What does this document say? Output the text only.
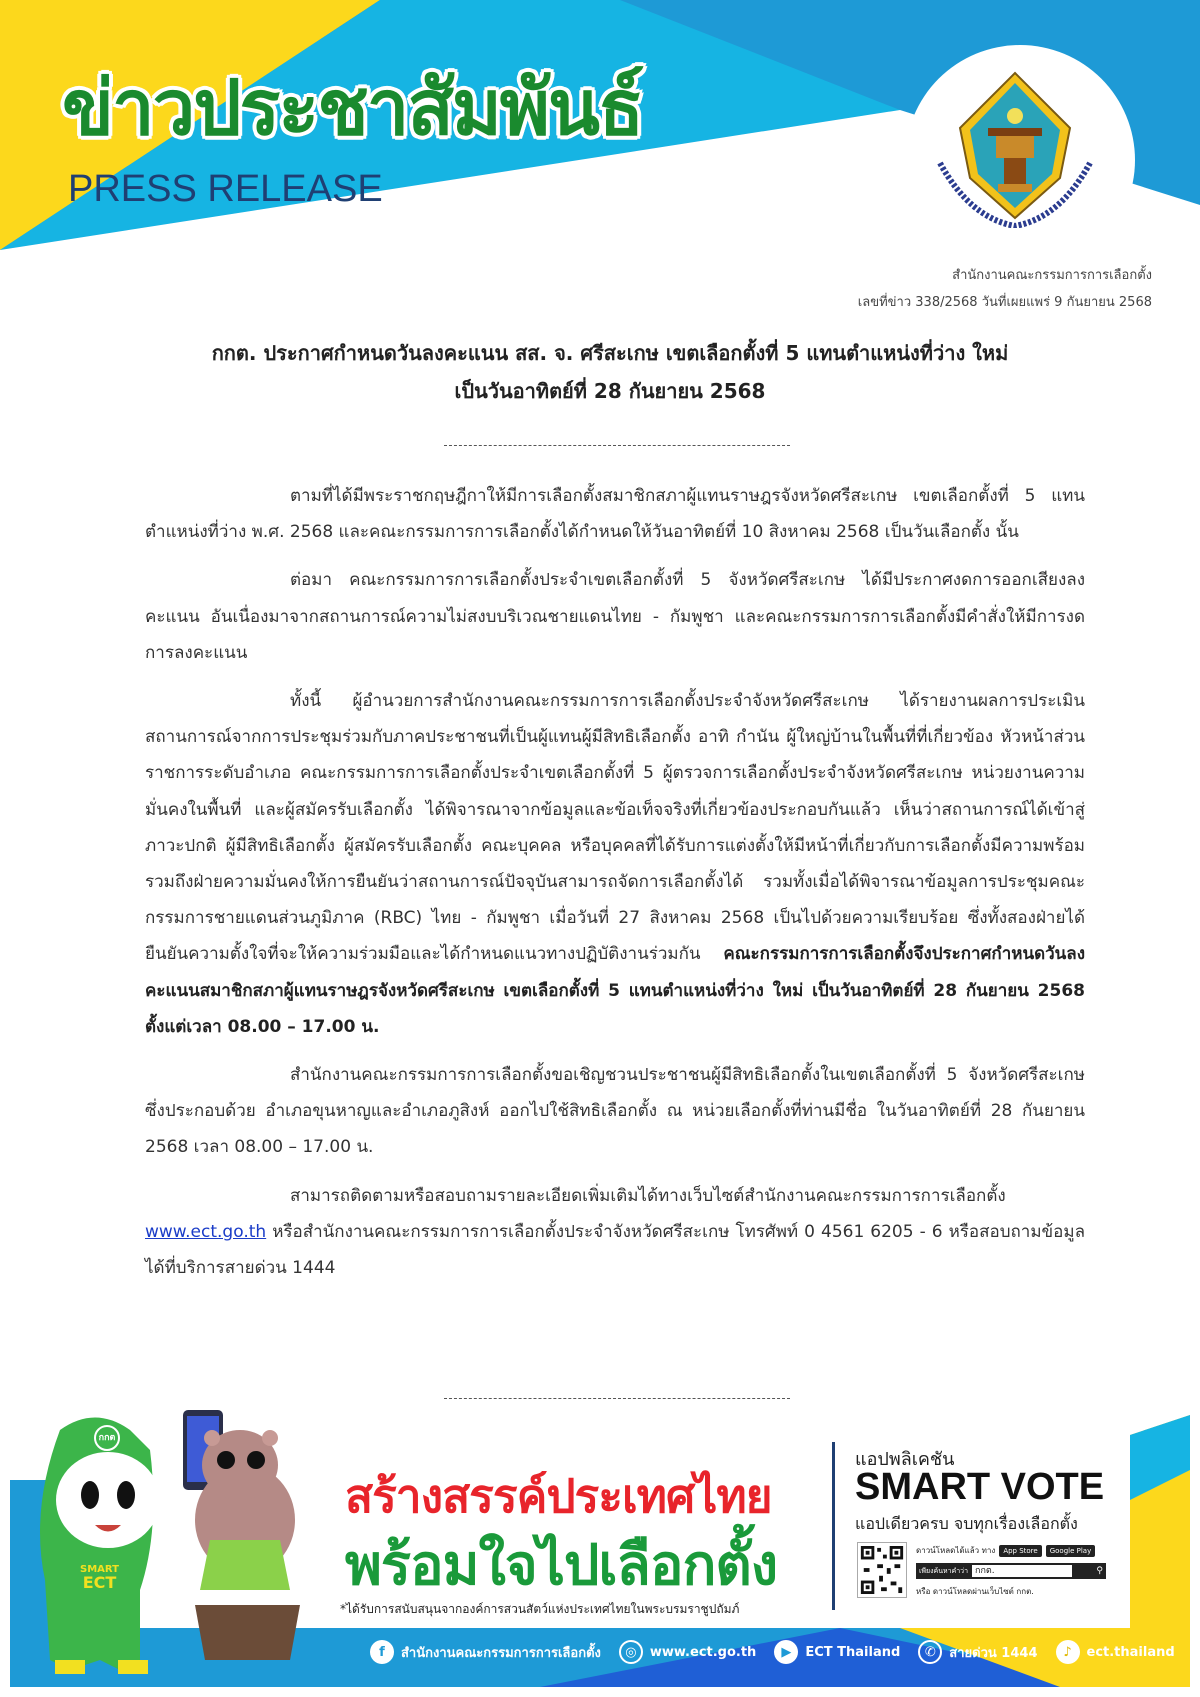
ข่าวประชาสัมพันธ์
PRESS RELEASE
สำนักงานคณะกรรมการการเลือกตั้ง
เลขที่ข่าว 338/2568 วันที่เผยแพร่ 9 กันยายน 2568
กกต. ประกาศกำหนดวันลงคะแนน สส. จ. ศรีสะเกษ เขตเลือกตั้งที่ 5 แทนตำแหน่งที่ว่าง ใหม่
เป็นวันอาทิตย์ที่ 28 กันยายน 2568

ตามที่ได้มีพระราชกฤษฎีกาให้มีการเลือกตั้งสมาชิกสภาผู้แทนราษฎรจังหวัดศรีสะเกษ เขตเลือกตั้งที่ 5 แทนตำแหน่งที่ว่าง พ.ศ. 2568 และคณะกรรมการการเลือกตั้งได้กำหนดให้วันอาทิตย์ที่ 10 สิงหาคม 2568 เป็นวันเลือกตั้ง นั้น

ต่อมา คณะกรรมการการเลือกตั้งประจำเขตเลือกตั้งที่ 5 จังหวัดศรีสะเกษ ได้มีประกาศงดการออกเสียงลงคะแนน อันเนื่องมาจากสถานการณ์ความไม่สงบบริเวณชายแดนไทย - กัมพูชา และคณะกรรมการการเลือกตั้งมีคำสั่งให้มีการงดการลงคะแนน

ทั้งนี้ ผู้อำนวยการสำนักงานคณะกรรมการการเลือกตั้งประจำจังหวัดศรีสะเกษ ได้รายงานผลการประเมินสถานการณ์จากการประชุมร่วมกับภาคประชาชนที่เป็นผู้แทนผู้มีสิทธิเลือกตั้ง อาทิ กำนัน ผู้ใหญ่บ้านในพื้นที่ที่เกี่ยวข้อง หัวหน้าส่วนราชการระดับอำเภอ คณะกรรมการการเลือกตั้งประจำเขตเลือกตั้งที่ 5 ผู้ตรวจการเลือกตั้งประจำจังหวัดศรีสะเกษ หน่วยงานความมั่นคงในพื้นที่ และผู้สมัครรับเลือกตั้ง ได้พิจารณาจากข้อมูลและข้อเท็จจริงที่เกี่ยวข้องประกอบกันแล้ว เห็นว่าสถานการณ์ได้เข้าสู่ภาวะปกติ ผู้มีสิทธิเลือกตั้ง ผู้สมัครรับเลือกตั้ง คณะบุคคล หรือบุคคลที่ได้รับการแต่งตั้งให้มีหน้าที่เกี่ยวกับการเลือกตั้งมีความพร้อม รวมถึงฝ่ายความมั่นคงให้การยืนยันว่าสถานการณ์ปัจจุบันสามารถจัดการเลือกตั้งได้ รวมทั้งเมื่อได้พิจารณาข้อมูลการประชุมคณะกรรมการชายแดนส่วนภูมิภาค (RBC) ไทย - กัมพูชา เมื่อวันที่ 27 สิงหาคม 2568 เป็นไปด้วยความเรียบร้อย ซึ่งทั้งสองฝ่ายได้ยืนยันความตั้งใจที่จะให้ความร่วมมือและได้กำหนดแนวทางปฏิบัติงานร่วมกัน คณะกรรมการการเลือกตั้งจึงประกาศกำหนดวันลงคะแนนสมาชิกสภาผู้แทนราษฎรจังหวัดศรีสะเกษ เขตเลือกตั้งที่ 5 แทนตำแหน่งที่ว่าง ใหม่ เป็นวันอาทิตย์ที่ 28 กันยายน 2568 ตั้งแต่เวลา 08.00 – 17.00 น.

สำนักงานคณะกรรมการการเลือกตั้งขอเชิญชวนประชาชนผู้มีสิทธิเลือกตั้งในเขตเลือกตั้งที่ 5 จังหวัดศรีสะเกษ ซึ่งประกอบด้วย อำเภอขุนหาญและอำเภอภูสิงห์ ออกไปใช้สิทธิเลือกตั้ง ณ หน่วยเลือกตั้งที่ท่านมีชื่อ ในวันอาทิตย์ที่ 28 กันยายน 2568 เวลา 08.00 – 17.00 น.

สามารถติดตามหรือสอบถามรายละเอียดเพิ่มเติมได้ทางเว็บไซต์สำนักงานคณะกรรมการการเลือกตั้ง www.ect.go.th หรือสำนักงานคณะกรรมการการเลือกตั้งประจำจังหวัดศรีสะเกษ โทรศัพท์ 0 4561 6205 - 6 หรือสอบถามข้อมูลได้ที่บริการสายด่วน 1444

กกต
SMART
ECT
สร้างสรรค์ประเทศไทย
พร้อมใจไปเลือกตั้ง
*ได้รับการสนับสนุนจากองค์การสวนสัตว์แห่งประเทศไทยในพระบรมราชูปถัมภ์
แอปพลิเคชัน
SMART VOTE
แอปเดียวครบ จบทุกเรื่องเลือกตั้ง
ดาวน์โหลดได้แล้ว ทาง	App Store	Google Play
เพียงค้นหาคำว่า กกต.	⚲
หรือ ดาวน์โหลดผ่านเว็บไซต์ กกต.
f	สำนักงานคณะกรรมการการเลือกตั้ง	◎	www.ect.go.th	▶	ECT Thailand	✆	สายด่วน 1444	♪	ect.thailand
